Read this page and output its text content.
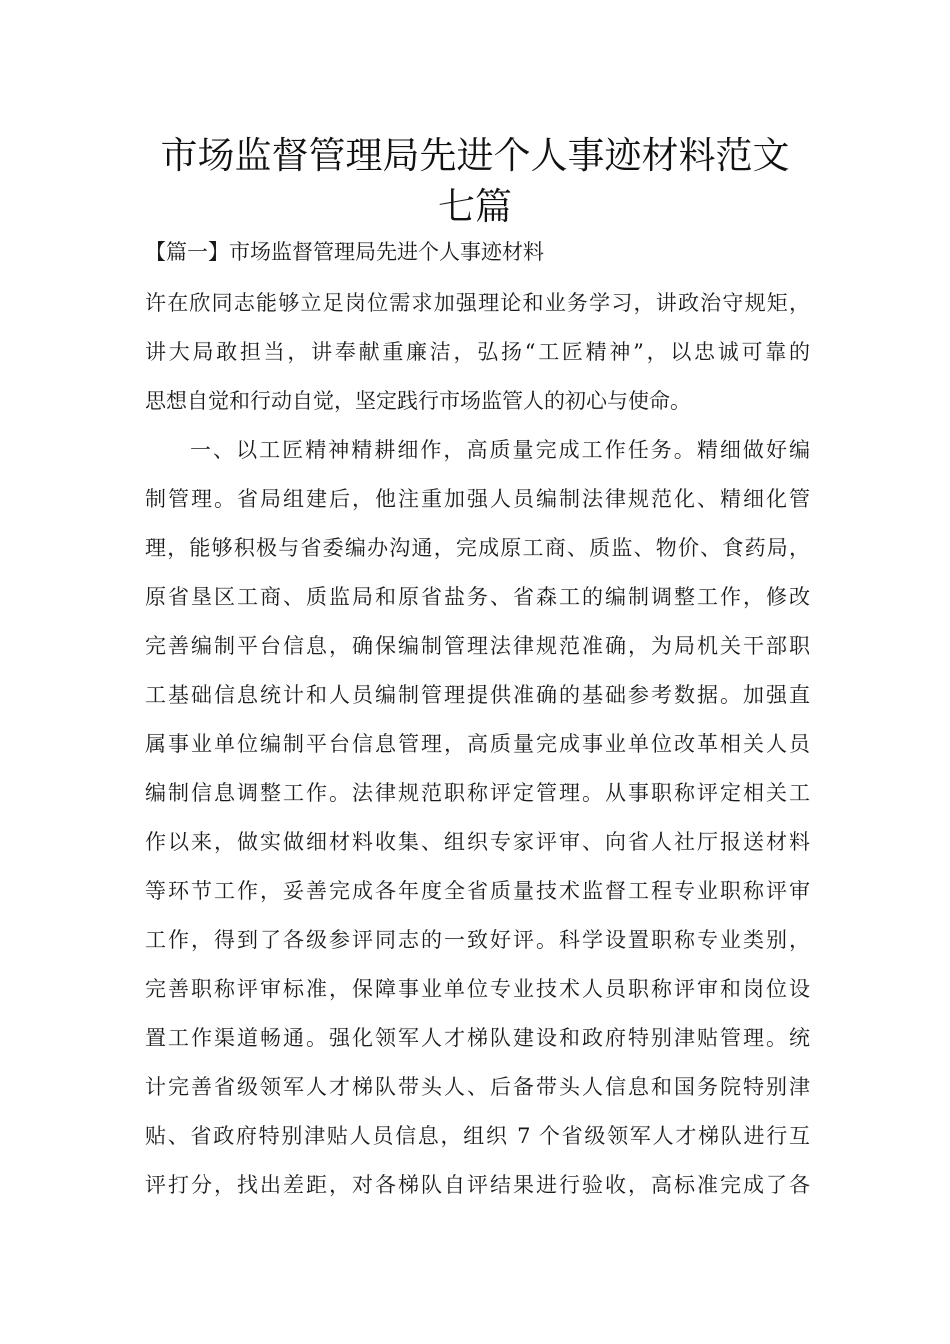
市场监督管理局先进个人事迹材料范文
七篇
【篇一】市场监督管理局先进个人事迹材料
许在欣同志能够立足岗位需求加强理论和业务学习，讲政治守规矩，
讲大局敢担当，讲奉献重廉洁，弘扬“工匠精神”，以忠诚可靠的
思想自觉和行动自觉，坚定践行市场监管人的初心与使命。
一、以工匠精神精耕细作，高质量完成工作任务。精细做好编
制管理。省局组建后，他注重加强人员编制法律规范化、精细化管
理，能够积极与省委编办沟通，完成原工商、质监、物价、食药局，
原省垦区工商、质监局和原省盐务、省森工的编制调整工作，修改
完善编制平台信息，确保编制管理法律规范准确，为局机关干部职
工基础信息统计和人员编制管理提供准确的基础参考数据。加强直
属事业单位编制平台信息管理，高质量完成事业单位改革相关人员
编制信息调整工作。法律规范职称评定管理。从事职称评定相关工
作以来，做实做细材料收集、组织专家评审、向省人社厅报送材料
等环节工作，妥善完成各年度全省质量技术监督工程专业职称评审
工作，得到了各级参评同志的一致好评。科学设置职称专业类别，
完善职称评审标准，保障事业单位专业技术人员职称评审和岗位设
置工作渠道畅通。强化领军人才梯队建设和政府特别津贴管理。统
计完善省级领军人才梯队带头人、后备带头人信息和国务院特别津
贴、省政府特别津贴人员信息，组织 7 个省级领军人才梯队进行互
评打分，找出差距，对各梯队自评结果进行验收，高标准完成了各
